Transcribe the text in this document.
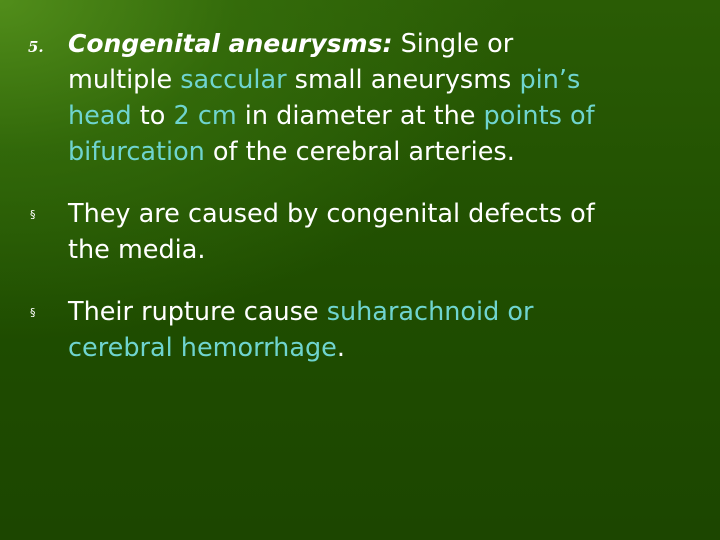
5. Congenital aneurysms: Single or
multiple saccular small aneurysms pin’s
head to 2 cm in diameter at the points of
bifurcation of the cerebral arteries.
§	They are caused by congenital defects of
the media.
§	Their rupture cause suharachnoid or
cerebral hemorrhage.
